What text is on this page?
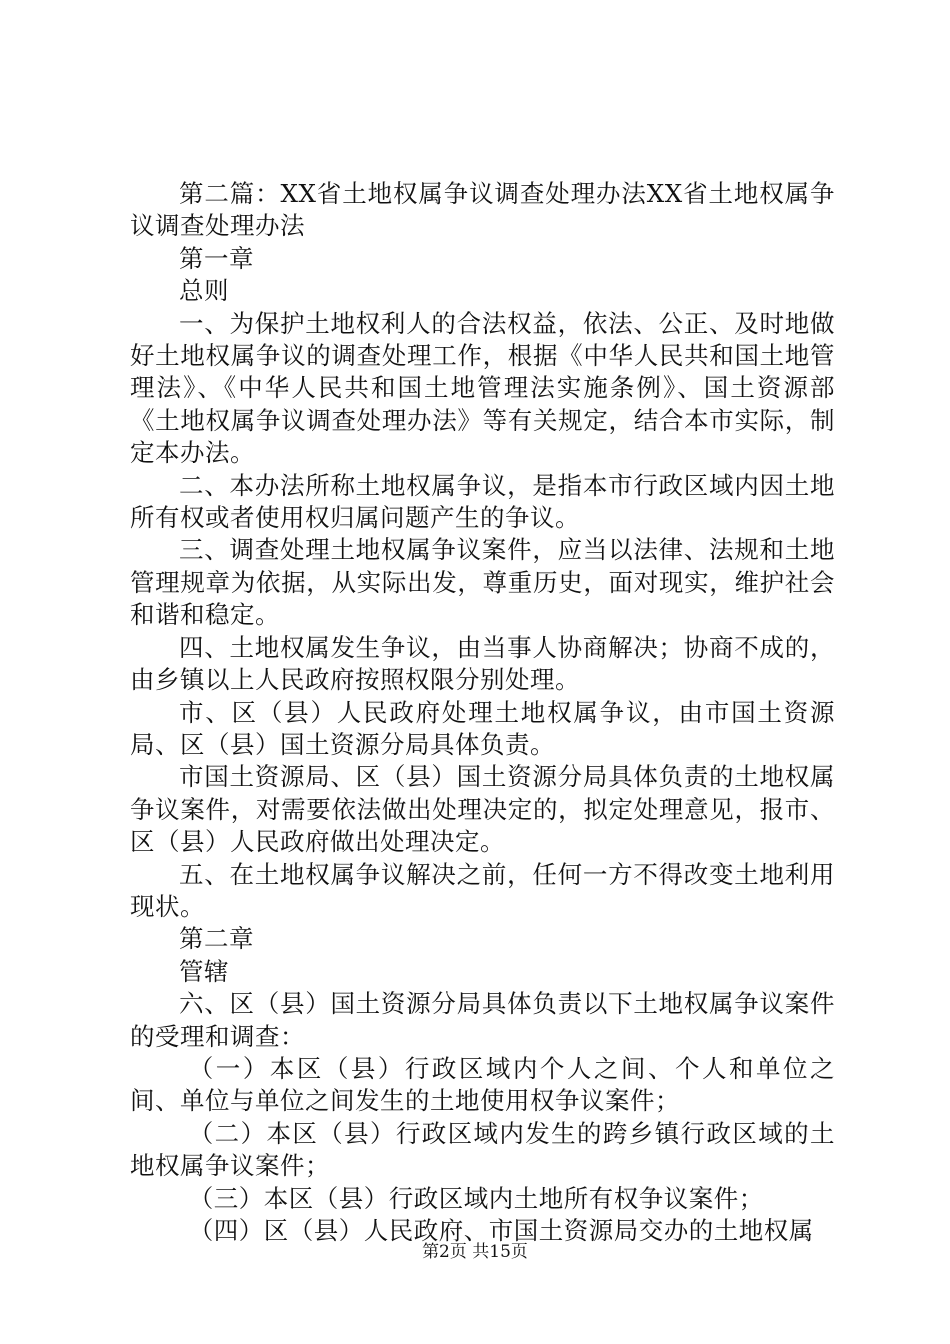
第二篇：XX省土地权属争议调查处理办法XX省土地权属争议调查处理办法

第一章

总则

一、为保护土地权利人的合法权益，依法、公正、及时地做好土地权属争议的调查处理工作，根据《中华人民共和国土地管理法》、《中华人民共和国土地管理法实施条例》、国土资源部《土地权属争议调查处理办法》等有关规定，结合本市实际，制定本办法。

二、本办法所称土地权属争议，是指本市行政区域内因土地所有权或者使用权归属问题产生的争议。

三、调查处理土地权属争议案件，应当以法律、法规和土地管理规章为依据，从实际出发，尊重历史，面对现实，维护社会和谐和稳定。

四、土地权属发生争议，由当事人协商解决；协商不成的，由乡镇以上人民政府按照权限分别处理。

市、区（县）人民政府处理土地权属争议，由市国土资源局、区（县）国土资源分局具体负责。

市国土资源局、区（县）国土资源分局具体负责的土地权属争议案件，对需要依法做出处理决定的，拟定处理意见，报市、区（县）人民政府做出处理决定。

五、在土地权属争议解决之前，任何一方不得改变土地利用现状。

第二章

管辖

六、区（县）国土资源分局具体负责以下土地权属争议案件的受理和调查：

（一）本区（县）行政区域内个人之间、个人和单位之间、单位与单位之间发生的土地使用权争议案件；

（二）本区（县）行政区域内发生的跨乡镇行政区域的土地权属争议案件；

（三）本区（县）行政区域内土地所有权争议案件；

（四）区（县）人民政府、市国土资源局交办的土地权属

第2页 共15页
